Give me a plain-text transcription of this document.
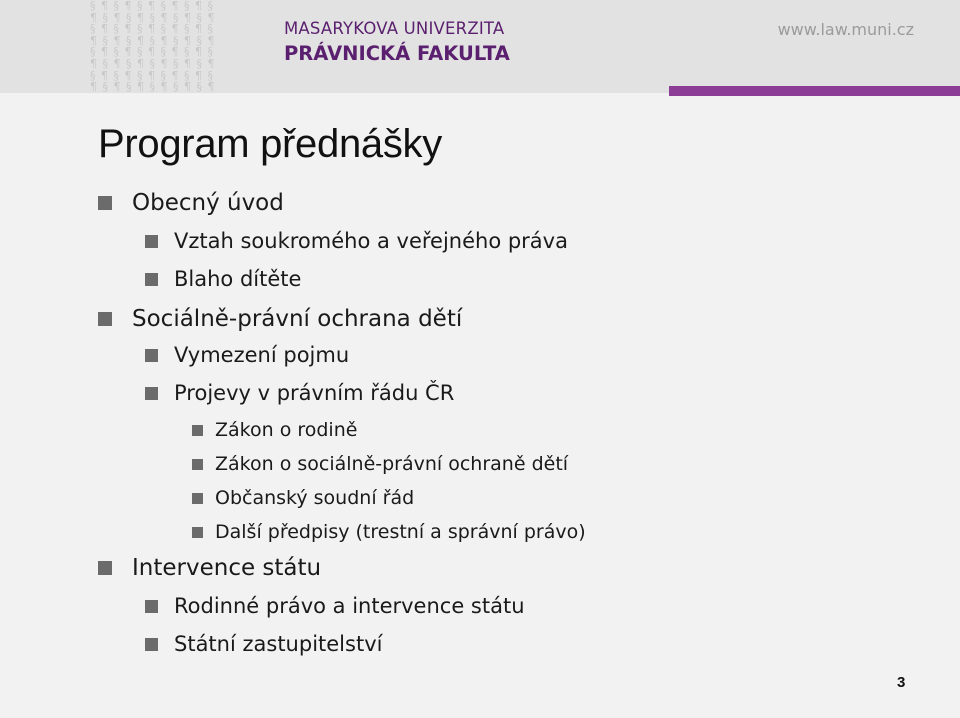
§ ¶ § ¶ § ¶ § ¶ § ¶ §
¶ § ¶ § ¶ § ¶ § ¶ § ¶
§ ¶ § ¶ § ¶ § ¶ § ¶ §
¶ § ¶ § ¶ § ¶ § ¶ § ¶
§ ¶ § ¶ § ¶ § ¶ § ¶ §
¶ § ¶ § ¶ § ¶ § ¶ § ¶
§ ¶ § ¶ § ¶ § ¶ § ¶ §
¶ § ¶ § ¶ § ¶ § ¶ § ¶
MASARYKOVA UNIVERZITA
PRÁVNICKÁ FAKULTA
www.law.muni.cz
Program přednášky
Obecný úvod
Vztah soukromého a veřejného práva
Blaho dítěte
Sociálně-právní ochrana dětí
Vymezení pojmu
Projevy v právním řádu ČR
Zákon o rodině
Zákon o sociálně-právní ochraně dětí
Občanský soudní řád
Další předpisy (trestní a správní právo)
Intervence státu
Rodinné právo a intervence státu
Státní zastupitelství
3
